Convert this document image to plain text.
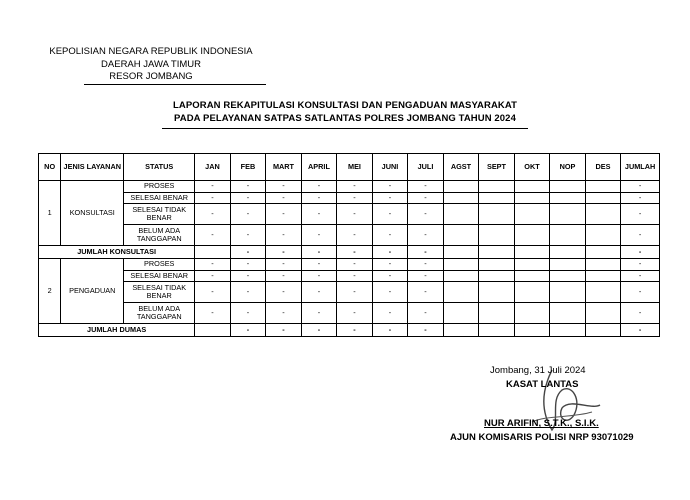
KEPOLISIAN NEGARA REPUBLIK INDONESIA
DAERAH JAWA TIMUR
RESOR JOMBANG
LAPORAN REKAPITULASI KONSULTASI DAN PENGADUAN MASYARAKAT
PADA PELAYANAN SATPAS SATLANTAS POLRES JOMBANG TAHUN 2024
NO	JENIS LAYANAN	STATUS	JAN	FEB	MART	APRIL	MEI	JUNI	JULI	AGST	SEPT	OKT	NOP	DES	JUMLAH
1	KONSULTASI	PROSES	-	-	-	-	-	-	-						-
		SELESAI BENAR	-	-	-	-	-	-	-						-
		SELESAI TIDAK BENAR	-	-	-	-	-	-	-						-
		BELUM ADA TANGGAPAN	-	-	-	-	-	-	-						-
JUMLAH KONSULTASI				-	-	-	-	-	-						-
2	PENGADUAN	PROSES	-	-	-	-	-	-	-						-
		SELESAI BENAR	-	-	-	-	-	-	-						-
		SELESAI TIDAK BENAR	-	-	-	-	-	-	-						-
		BELUM ADA TANGGAPAN	-	-	-	-	-	-	-						-
JUMLAH DUMAS				-	-	-	-	-	-						-
Jombang, 31 Juli 2024
KASAT LANTAS
NUR ARIFIN, S.T.K., S.I.K.
AJUN KOMISARIS POLISI NRP 93071029
